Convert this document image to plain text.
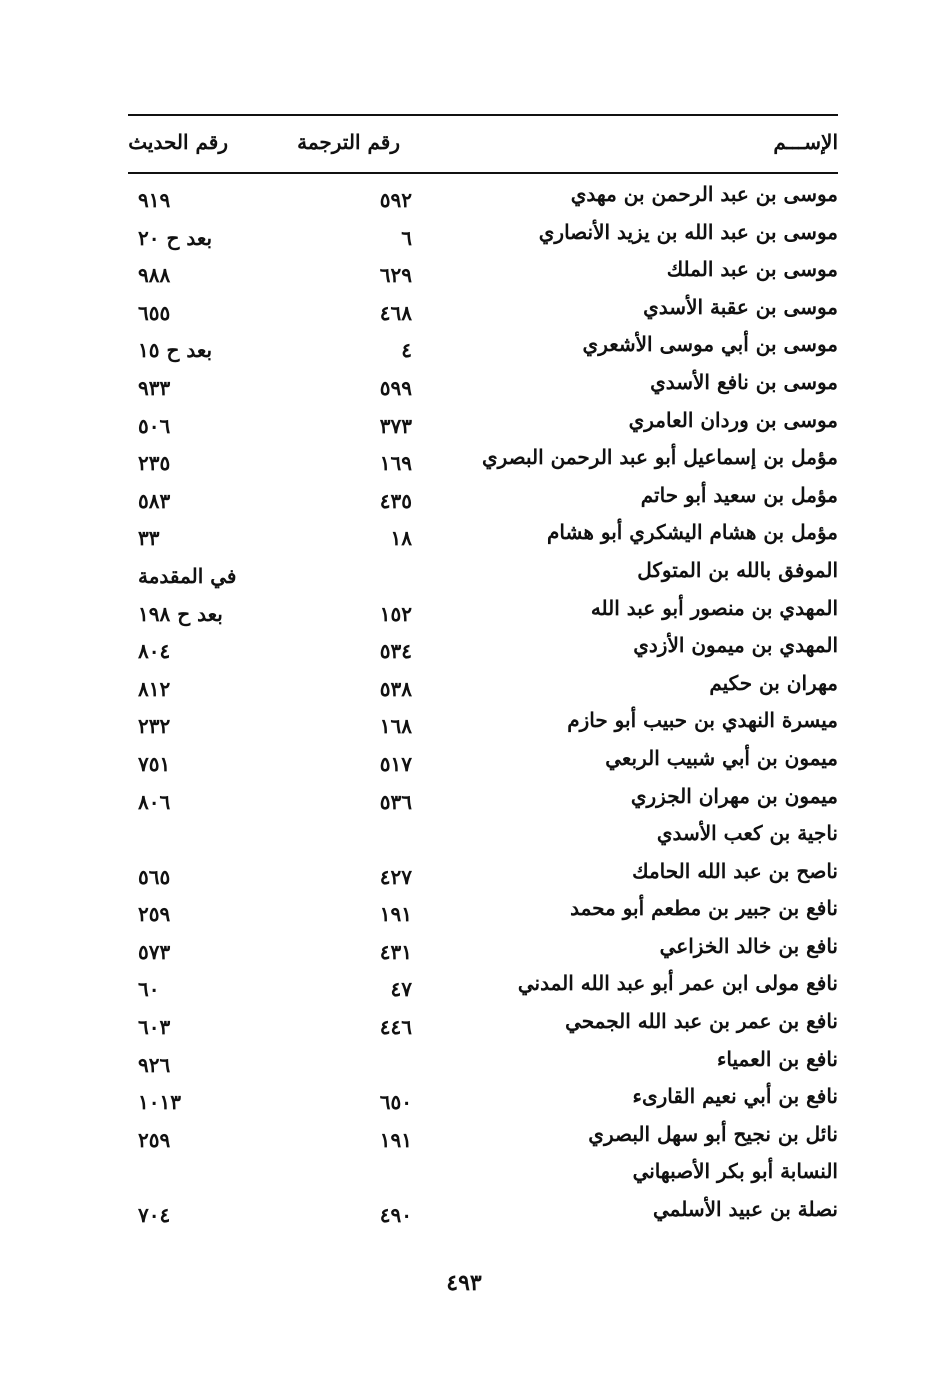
الإســـم
رقم الترجمة
رقم الحديث
موسى بن عبد الرحمن بن مهدي
٥٩٢
٩١٩
موسى بن عبد الله بن يزيد الأنصاري
٦
بعد ح ٢٠
موسى بن عبد الملك
٦٢٩
٩٨٨
موسى بن عقبة الأسدي
٤٦٨
٦٥٥
موسى بن أبي موسى الأشعري
٤
بعد ح ١٥
موسى بن نافع الأسدي
٥٩٩
٩٣٣
موسى بن وردان العامري
٣٧٣
٥٠٦
مؤمل بن إسماعيل أبو عبد الرحمن البصري
١٦٩
٢٣٥
مؤمل بن سعيد أبو حاتم
٤٣٥
٥٨٣
مؤمل بن هشام اليشكري أبو هشام
١٨
٣٣
الموفق بالله بن المتوكل
في المقدمة
المهدي بن منصور أبو عبد الله
١٥٢
بعد ح ١٩٨
المهدي بن ميمون الأزدي
٥٣٤
٨٠٤
مهران بن حكيم
٥٣٨
٨١٢
ميسرة النهدي بن حبيب أبو حازم
١٦٨
٢٣٢
ميمون بن أبي شبيب الربعي
٥١٧
٧٥١
ميمون بن مهران الجزري
٥٣٦
٨٠٦
ناجية بن كعب الأسدي
ناصح بن عبد الله الحامك
٤٢٧
٥٦٥
نافع بن جبير بن مطعم أبو محمد
١٩١
٢٥٩
نافع بن خالد الخزاعي
٤٣١
٥٧٣
نافع مولى ابن عمر أبو عبد الله المدني
٤٧
٦٠
نافع بن عمر بن عبد الله الجمحي
٤٤٦
٦٠٣
نافع بن العمياء
٩٢٦
نافع بن أبي نعيم القارىء
٦٥٠
١٠١٣
نائل بن نجيح أبو سهل البصري
١٩١
٢٥٩
النسابة أبو بكر الأصبهاني
نصلة بن عبيد الأسلمي
٤٩٠
٧٠٤
٤٩٣
